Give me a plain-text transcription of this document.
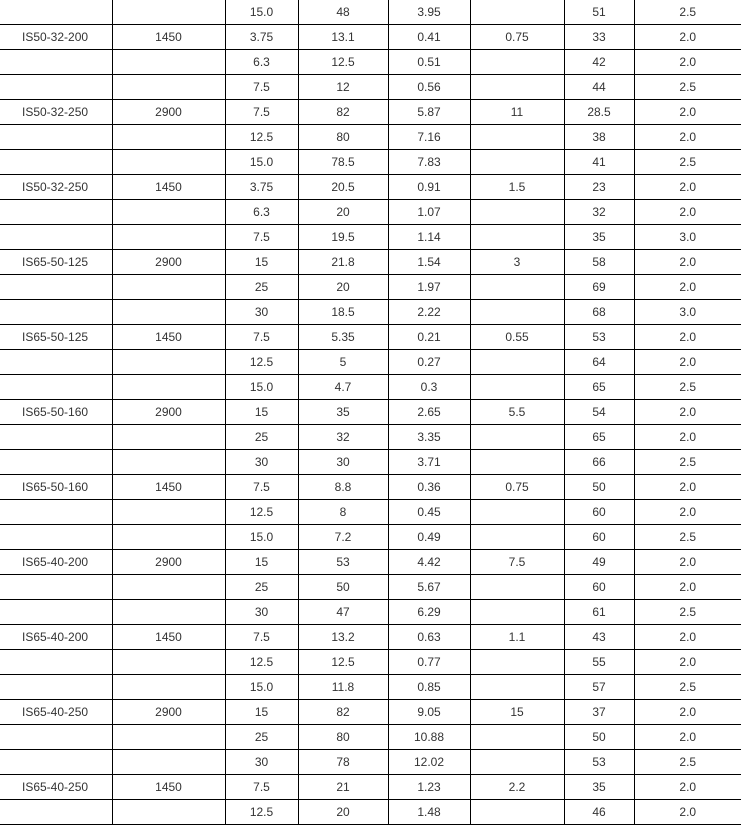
		15.0	48	3.95		51	2.5
IS50-32-200	1450	3.75	13.1	0.41	0.75	33	2.0
		6.3	12.5	0.51		42	2.0
		7.5	12	0.56		44	2.5
IS50-32-250	2900	7.5	82	5.87	11	28.5	2.0
		12.5	80	7.16		38	2.0
		15.0	78.5	7.83		41	2.5
IS50-32-250	1450	3.75	20.5	0.91	1.5	23	2.0
		6.3	20	1.07		32	2.0
		7.5	19.5	1.14		35	3.0
IS65-50-125	2900	15	21.8	1.54	3	58	2.0
		25	20	1.97		69	2.0
		30	18.5	2.22		68	3.0
IS65-50-125	1450	7.5	5.35	0.21	0.55	53	2.0
		12.5	5	0.27		64	2.0
		15.0	4.7	0.3		65	2.5
IS65-50-160	2900	15	35	2.65	5.5	54	2.0
		25	32	3.35		65	2.0
		30	30	3.71		66	2.5
IS65-50-160	1450	7.5	8.8	0.36	0.75	50	2.0
		12.5	8	0.45		60	2.0
		15.0	7.2	0.49		60	2.5
IS65-40-200	2900	15	53	4.42	7.5	49	2.0
		25	50	5.67		60	2.0
		30	47	6.29		61	2.5
IS65-40-200	1450	7.5	13.2	0.63	1.1	43	2.0
		12.5	12.5	0.77		55	2.0
		15.0	11.8	0.85		57	2.5
IS65-40-250	2900	15	82	9.05	15	37	2.0
		25	80	10.88		50	2.0
		30	78	12.02		53	2.5
IS65-40-250	1450	7.5	21	1.23	2.2	35	2.0
		12.5	20	1.48		46	2.0
